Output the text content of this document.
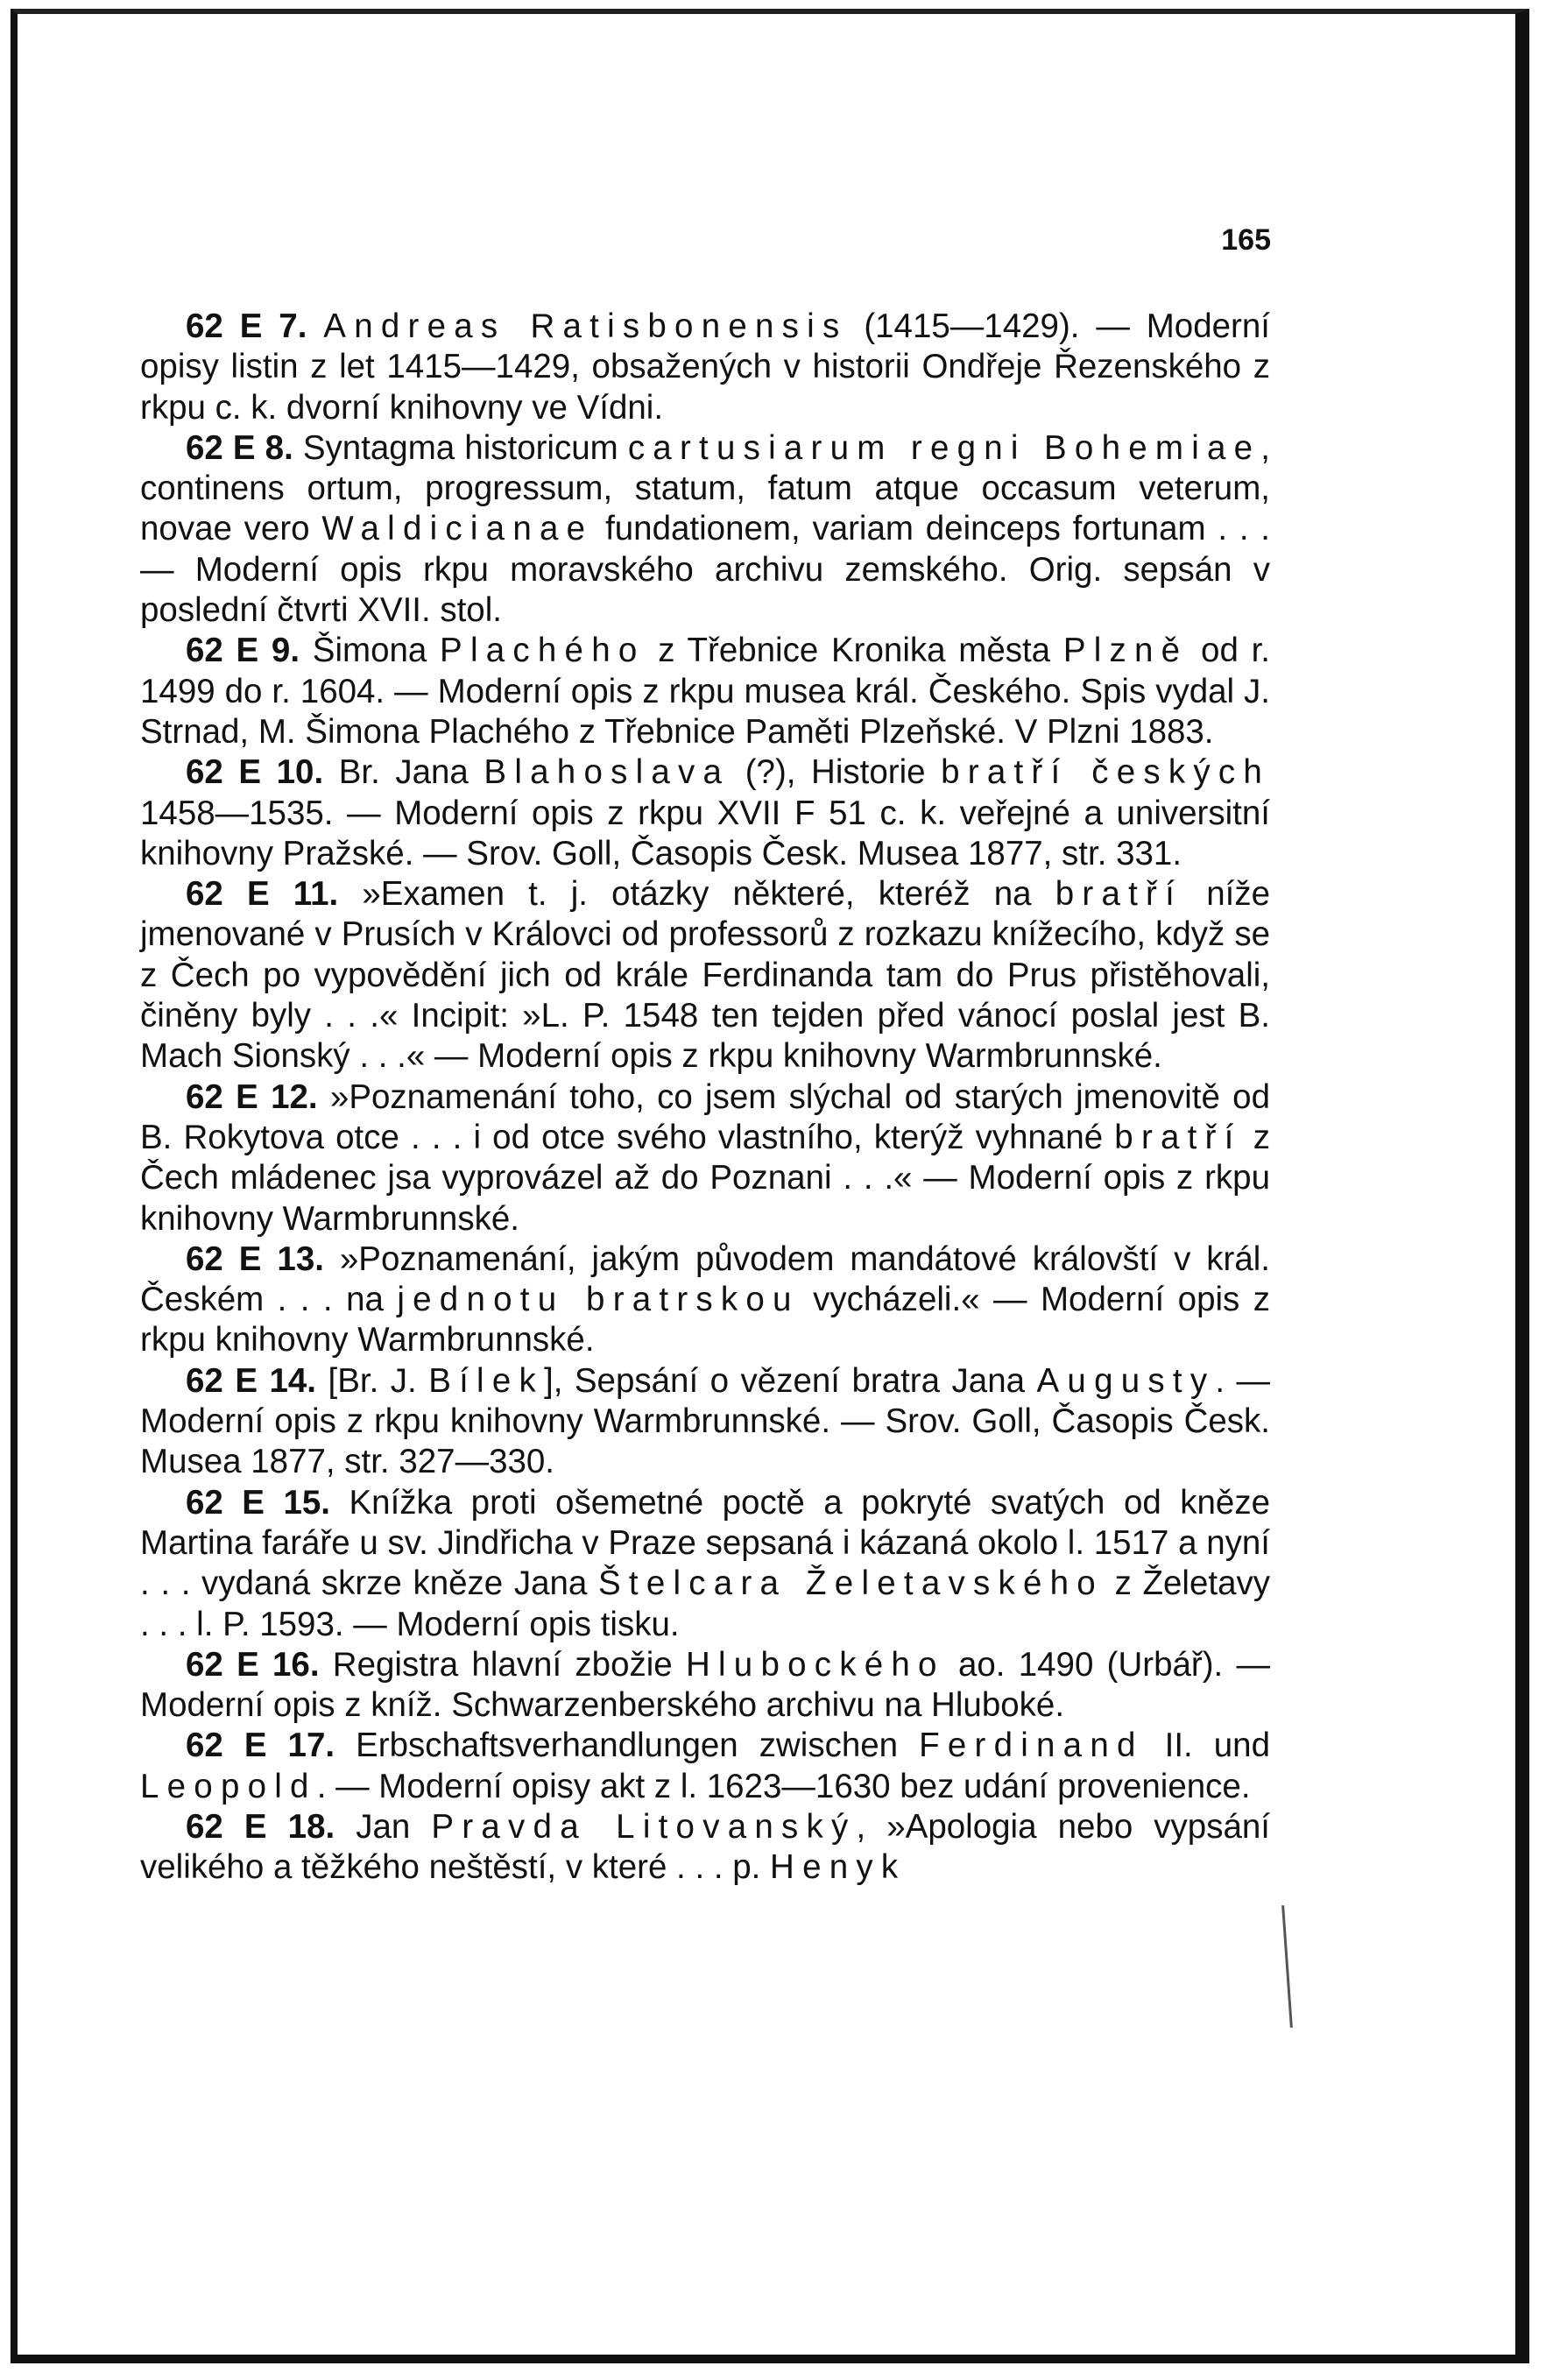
165

62 E 7. Andreas Ratisbonensis (1415—1429). — Moderní opisy listin z let 1415—1429, obsažených v historii Ondřeje Řezenského z rkpu c. k. dvorní knihovny ve Vídni.

62 E 8. Syntagma historicum cartusiarum regni Bohemiae, continens ortum, progressum, statum, fatum atque occasum veterum, novae vero Waldicianae fundationem, variam deinceps fortunam . . . — Moderní opis rkpu moravského archivu zemského. Orig. sepsán v poslední čtvrti XVII. stol.

62 E 9. Šimona Plachého z Třebnice Kronika města Plzně od r. 1499 do r. 1604. — Moderní opis z rkpu musea král. Českého. Spis vydal J. Strnad, M. Šimona Plachého z Třebnice Paměti Plzeňské. V Plzni 1883.

62 E 10. Br. Jana Blahoslava (?), Historie bratří českých 1458—1535. — Moderní opis z rkpu XVII F 51 c. k. veřejné a universitní knihovny Pražské. — Srov. Goll, Časopis Česk. Musea 1877, str. 331.

62 E 11. »Examen t. j. otázky některé, kteréž na bratří níže jmenované v Prusích v Královci od professorů z rozkazu knížecího, když se z Čech po vypovědění jich od krále Ferdinanda tam do Prus přistěhovali, činěny byly . . .« Incipit: »L. P. 1548 ten tejden před vánocí poslal jest B. Mach Sionský . . .« — Moderní opis z rkpu knihovny Warmbrunnské.

62 E 12. »Poznamenání toho, co jsem slýchal od starých jmenovitě od B. Rokytova otce . . . i od otce svého vlastního, kterýž vyhnané bratří z Čech mládenec jsa vyprovázel až do Poznani . . .« — Moderní opis z rkpu knihovny Warmbrunnské.

62 E 13. »Poznamenání, jakým původem mandátové královští v král. Českém . . . na jednotu bratrskou vycházeli.« — Moderní opis z rkpu knihovny Warmbrunnské.

62 E 14. [Br. J. Bílek], Sepsání o vězení bratra Jana Augusty. — Moderní opis z rkpu knihovny Warmbrunnské. — Srov. Goll, Časopis Česk. Musea 1877, str. 327—330.

62 E 15. Knížka proti ošemetné poctě a pokryté svatých od kněze Martina faráře u sv. Jindřicha v Praze sepsaná i kázaná okolo l. 1517 a nyní . . . vydaná skrze kněze Jana Štelcara Želetavského z Želetavy . . . l. P. 1593. — Moderní opis tisku.

62 E 16. Registra hlavní zbožie Hlubockého ao. 1490 (Urbář). — Moderní opis z kníž. Schwarzenberského archivu na Hluboké.

62 E 17. Erbschaftsverhandlungen zwischen Ferdinand II. und Leopold. — Moderní opisy akt z l. 1623—1630 bez udání provenience.

62 E 18. Jan Pravda Litovanský, »Apologia nebo vypsání velikého a těžkého neštěstí, v které . . . p. Henyk
